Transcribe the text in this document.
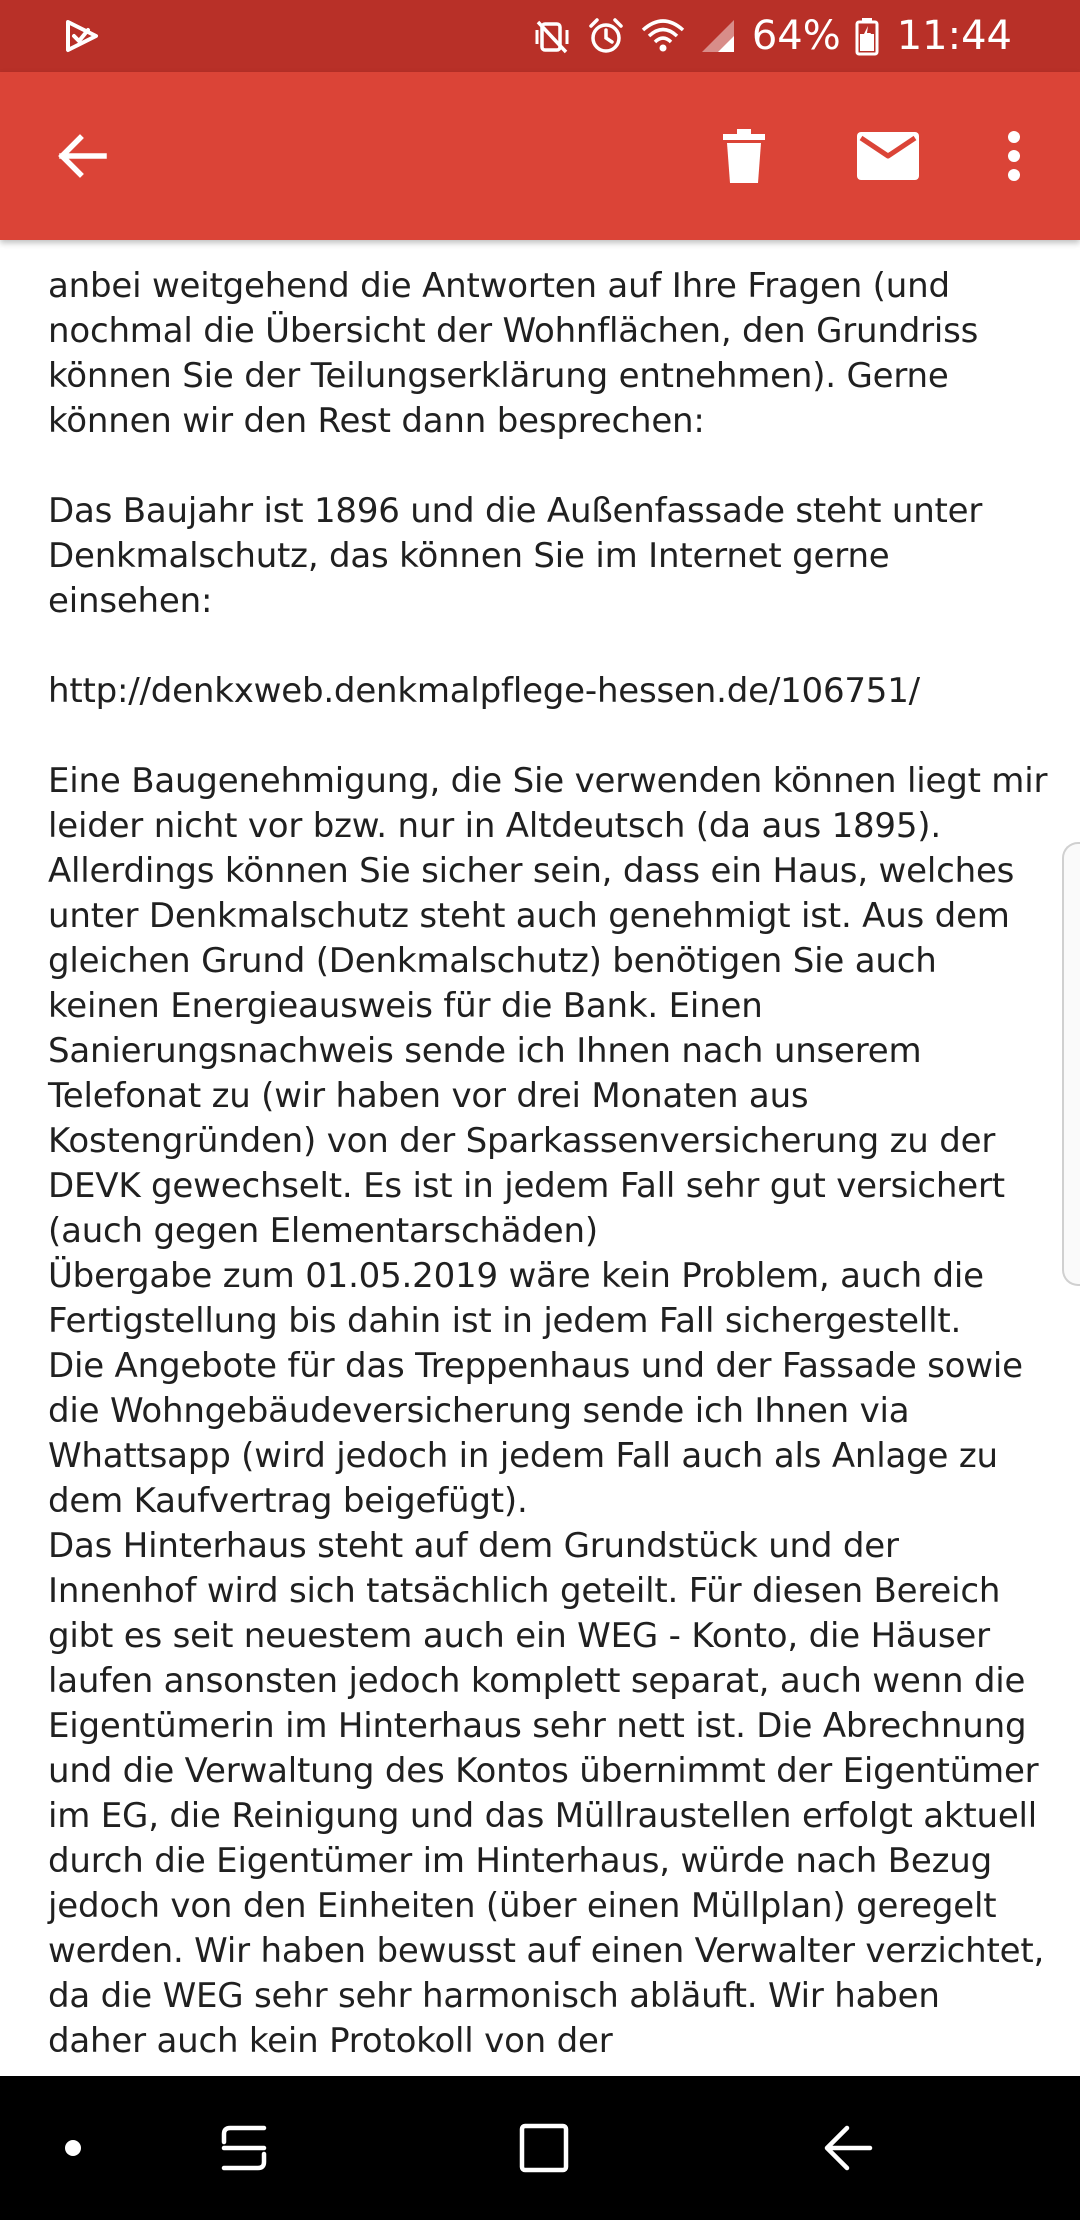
64% 11:44

anbei weitgehend die Antworten auf Ihre Fragen (und nochmal die Übersicht der Wohnflächen, den Grundriss können Sie der Teilungserklärung entnehmen). Gerne können wir den Rest dann besprechen:

Das Baujahr ist 1896 und die Außenfassade steht unter Denkmalschutz, das können Sie im Internet gerne einsehen:

http://denkxweb.denkmalpflege-hessen.de/106751/

Eine Baugenehmigung, die Sie verwenden können liegt mir leider nicht vor bzw. nur in Altdeutsch (da aus 1895). Allerdings können Sie sicher sein, dass ein Haus, welches unter Denkmalschutz steht auch genehmigt ist. Aus dem gleichen Grund (Denkmalschutz) benötigen Sie auch keinen Energieausweis für die Bank. Einen Sanierungsnachweis sende ich Ihnen nach unserem Telefonat zu (wir haben vor drei Monaten aus Kostengründen) von der Sparkassenversicherung zu der DEVK gewechselt. Es ist in jedem Fall sehr gut versichert (auch gegen Elementarschäden)

Übergabe zum 01.05.2019 wäre kein Problem, auch die Fertigstellung bis dahin ist in jedem Fall sichergestellt.

Die Angebote für das Treppenhaus und der Fassade sowie die Wohngebäudeversicherung sende ich Ihnen via Whattsapp (wird jedoch in jedem Fall auch als Anlage zu dem Kaufvertrag beigefügt).

Das Hinterhaus steht auf dem Grundstück und der Innenhof wird sich tatsächlich geteilt. Für diesen Bereich gibt es seit neuestem auch ein WEG - Konto, die Häuser laufen ansonsten jedoch komplett separat, auch wenn die Eigentümerin im Hinterhaus sehr nett ist. Die Abrechnung und die Verwaltung des Kontos übernimmt der Eigentümer im EG, die Reinigung und das Müllraustellen erfolgt aktuell durch die Eigentümer im Hinterhaus, würde nach Bezug jedoch von den Einheiten (über einen Müllplan) geregelt werden. Wir haben bewusst auf einen Verwalter verzichtet, da die WEG sehr sehr harmonisch abläuft. Wir haben daher auch kein Protokoll von der
